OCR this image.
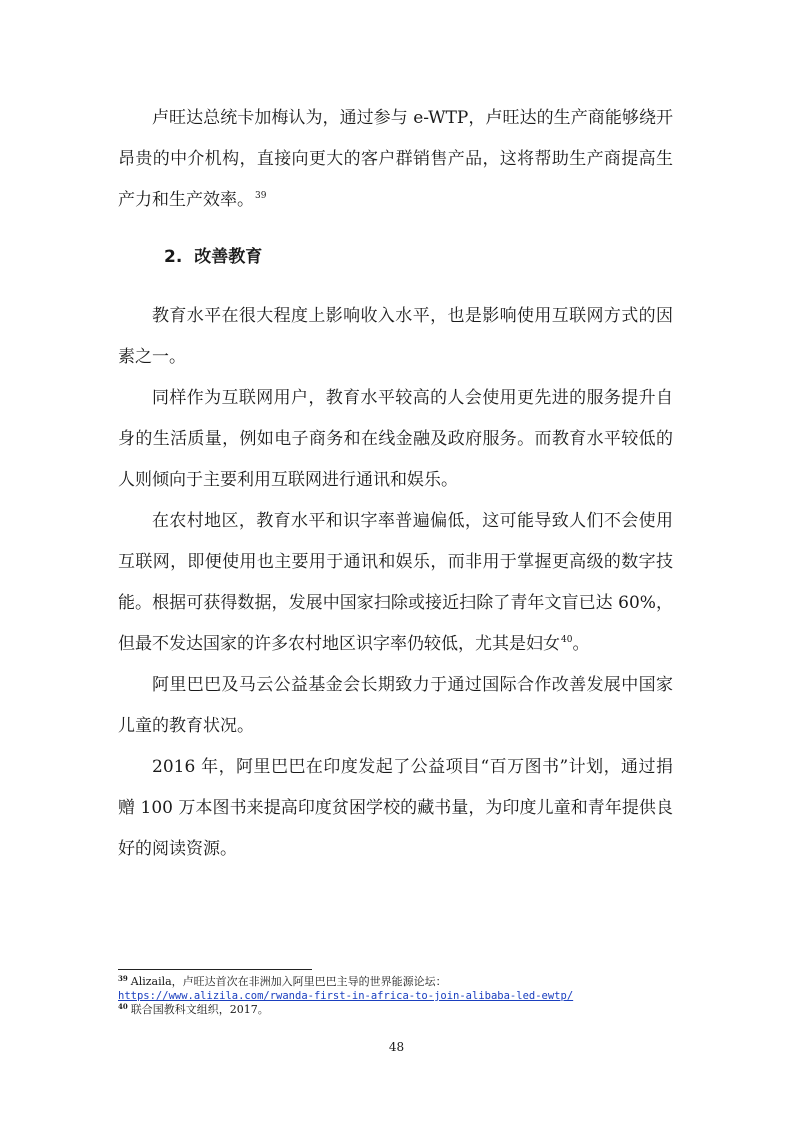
卢旺达总统卡加梅认为，通过参与 e-WTP，卢旺达的生产商能够绕开昂贵的中介机构，直接向更大的客户群销售产品，这将帮助生产商提高生产力和生产效率。$^{39}$

2. 改善教育

教育水平在很大程度上影响收入水平，也是影响使用互联网方式的因素之一。

同样作为互联网用户，教育水平较高的人会使用更先进的服务提升自身的生活质量，例如电子商务和在线金融及政府服务。而教育水平较低的人则倾向于主要利用互联网进行通讯和娱乐。

在农村地区，教育水平和识字率普遍偏低，这可能导致人们不会使用互联网，即便使用也主要用于通讯和娱乐，而非用于掌握更高级的数字技能。根据可获得数据，发展中国家扫除或接近扫除了青年文盲已达 60%，但最不发达国家的许多农村地区识字率仍较低，尤其是妇女$^{40}$。

阿里巴巴及马云公益基金会长期致力于通过国际合作改善发展中国家儿童的教育状况。

2016 年，阿里巴巴在印度发起了公益项目“百万图书”计划，通过捐赠 100 万本图书来提高印度贫困学校的藏书量，为印度儿童和青年提供良好的阅读资源。

$^{39}$ Alizaila，卢旺达首次在非洲加入阿里巴巴主导的世界能源论坛：
https://www.alizila.com/rwanda-first-in-africa-to-join-alibaba-led-ewtp/

$^{40}$ 联合国教科文组织，2017。

48
